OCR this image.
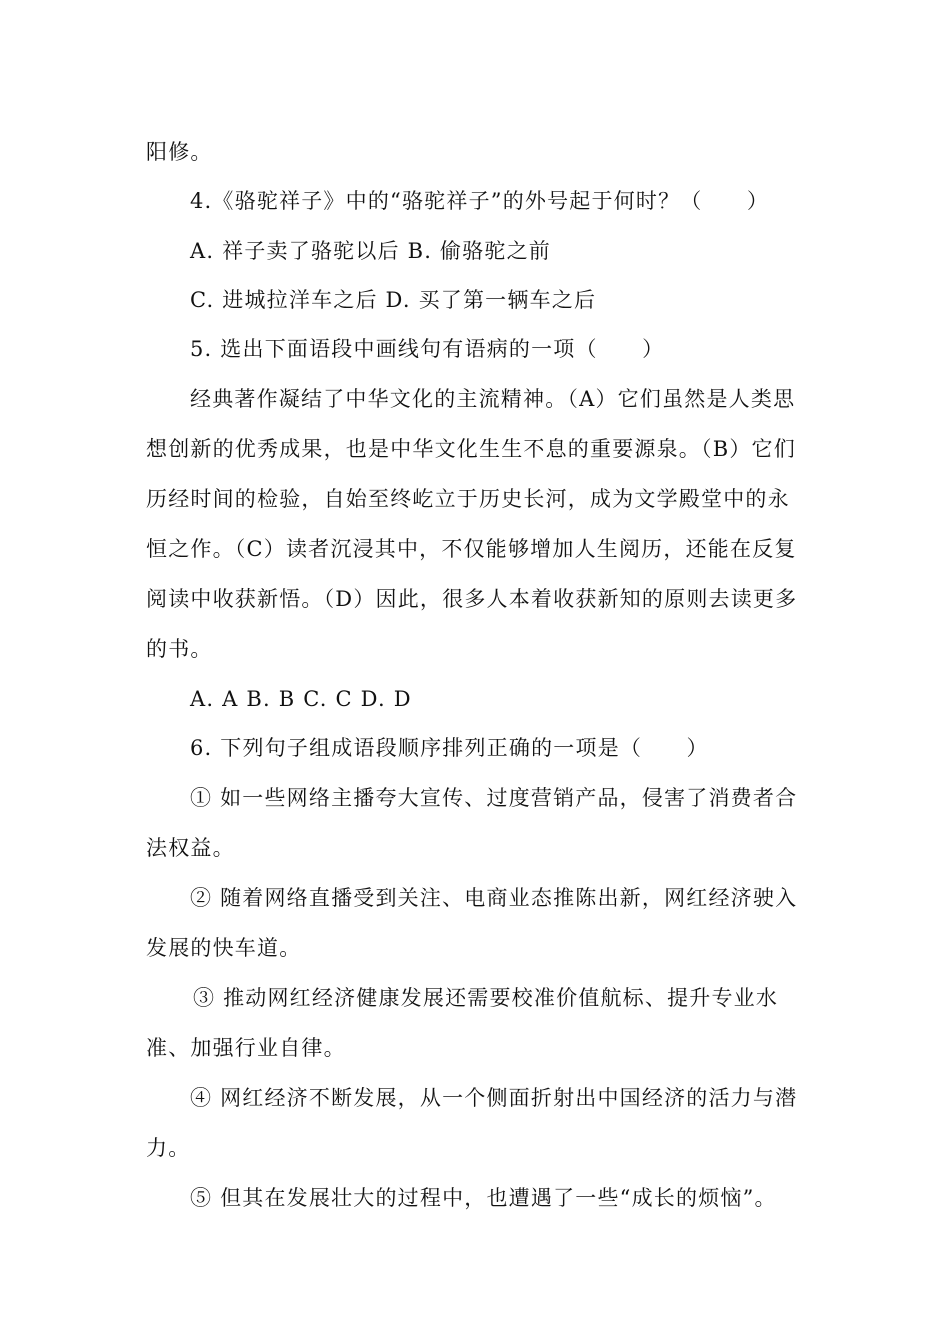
阳修。
4.《骆驼祥子》中的“骆驼祥子”的外号起于何时？（　　）
A. 祥子卖了骆驼以后 B. 偷骆驼之前
C. 进城拉洋车之后 D. 买了第一辆车之后
5. 选出下面语段中画线句有语病的一项（　　）
经典著作凝结了中华文化的主流精神。（A）它们虽然是人类思
想创新的优秀成果，也是中华文化生生不息的重要源泉。（B）它们
历经时间的检验，自始至终屹立于历史长河，成为文学殿堂中的永
恒之作。（C）读者沉浸其中，不仅能够增加人生阅历，还能在反复
阅读中收获新悟。（D）因此，很多人本着收获新知的原则去读更多
的书。
A. A B. B C. C D. D
6. 下列句子组成语段顺序排列正确的一项是（　　）
① 如一些网络主播夸大宣传、过度营销产品，侵害了消费者合
法权益。
② 随着网络直播受到关注、电商业态推陈出新，网红经济驶入
发展的快车道。
③ 推动网红经济健康发展还需要校准价值航标、提升专业水
准、加强行业自律。
④ 网红经济不断发展，从一个侧面折射出中国经济的活力与潜
力。
⑤ 但其在发展壮大的过程中，也遭遇了一些“成长的烦恼”。
